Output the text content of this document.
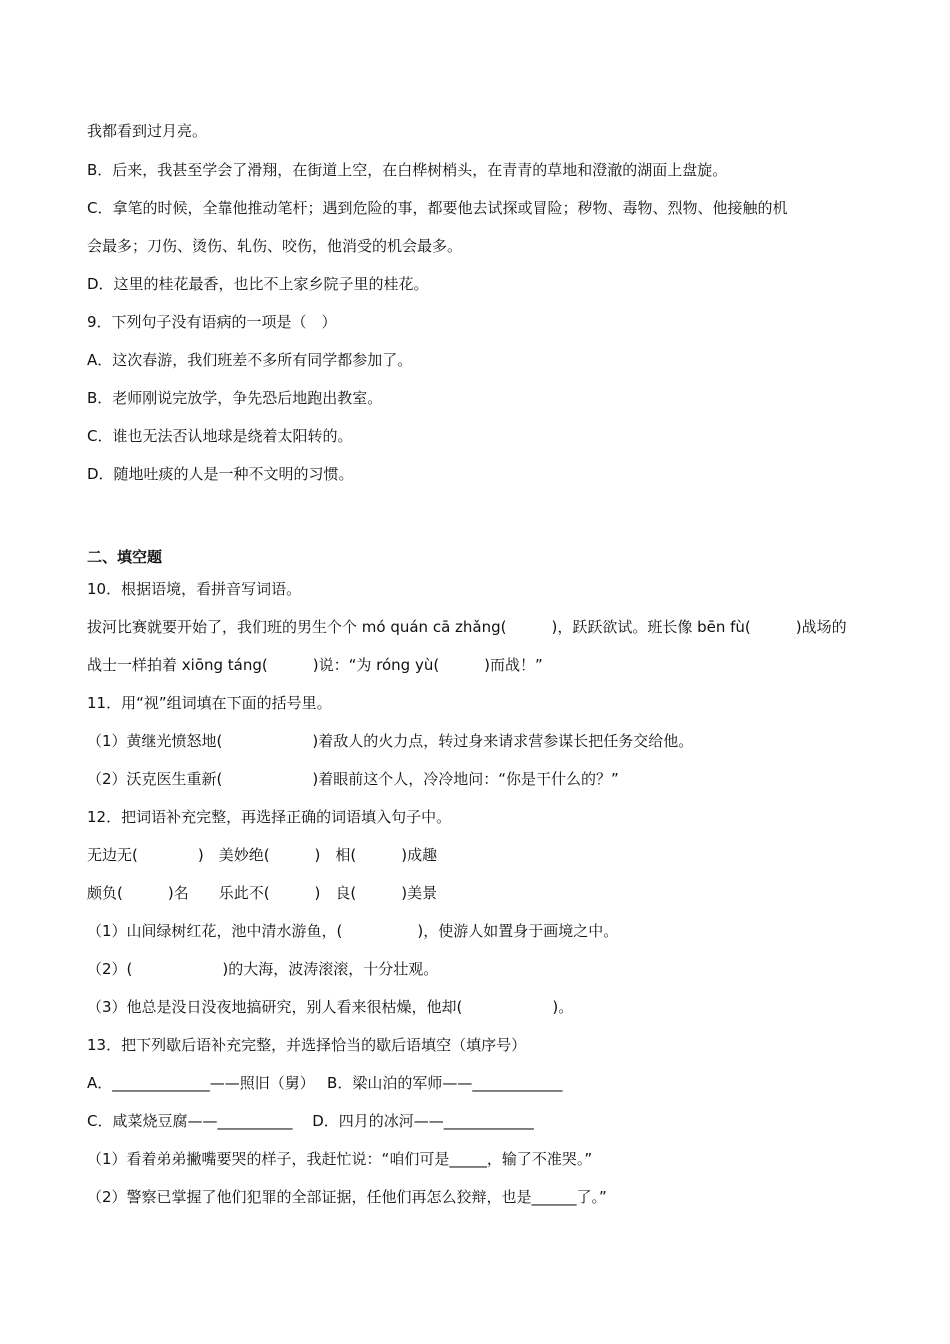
我都看到过月亮。
B．后来，我甚至学会了滑翔，在街道上空，在白桦树梢头，在青青的草地和澄澈的湖面上盘旋。
C．拿笔的时候，全靠他推动笔杆；遇到危险的事，都要他去试探或冒险；秽物、毒物、烈物、他接触的机
会最多；刀伤、烫伤、轧伤、咬伤，他消受的机会最多。
D．这里的桂花最香，也比不上家乡院子里的桂花。
9．下列句子没有语病的一项是（　）
A．这次春游，我们班差不多所有同学都参加了。
B．老师刚说完放学，争先恐后地跑出教室。
C．谁也无法否认地球是绕着太阳转的。
D．随地吐痰的人是一种不文明的习惯。
二、填空题
10．根据语境，看拼音写词语。
拔河比赛就要开始了，我们班的男生个个 mó quán cā zhǎng(　　　)，跃跃欲试。班长像 bēn fù(　　　)战场的
战士一样拍着 xiōng táng(　　　)说：“为 róng yù(　　　)而战！”
11．用“视”组词填在下面的括号里。
（1）黄继光愤怒地(　　　　　　)着敌人的火力点，转过身来请求营参谋长把任务交给他。
（2）沃克医生重新(　　　　　　)着眼前这个人，冷冷地问：“你是干什么的？”
12．把词语补充完整，再选择正确的词语填入句子中。
无边无(　　　　)　美妙绝(　　　)　相(　　　)成趣
颇负(　　　)名　　乐此不(　　　)　良(　　　)美景
（1）山间绿树红花，池中清水游鱼，(　　　　　)，使游人如置身于画境之中。
（2）(　　　　　　)的大海，波涛滚滚，十分壮观。
（3）他总是没日没夜地搞研究，别人看来很枯燥，他却(　　　　　　)。
13．把下列歇后语补充完整，并选择恰当的歇后语填空（填序号）
A．_____________——照旧（舅）　 B．梁山泊的军师——____________
C．咸菜烧豆腐——__________　 D．四月的冰河——____________
（1）看着弟弟撇嘴要哭的样子，我赶忙说：“咱们可是_____，输了不准哭。”
（2）警察已掌握了他们犯罪的全部证据，任他们再怎么狡辩，也是______了。”
